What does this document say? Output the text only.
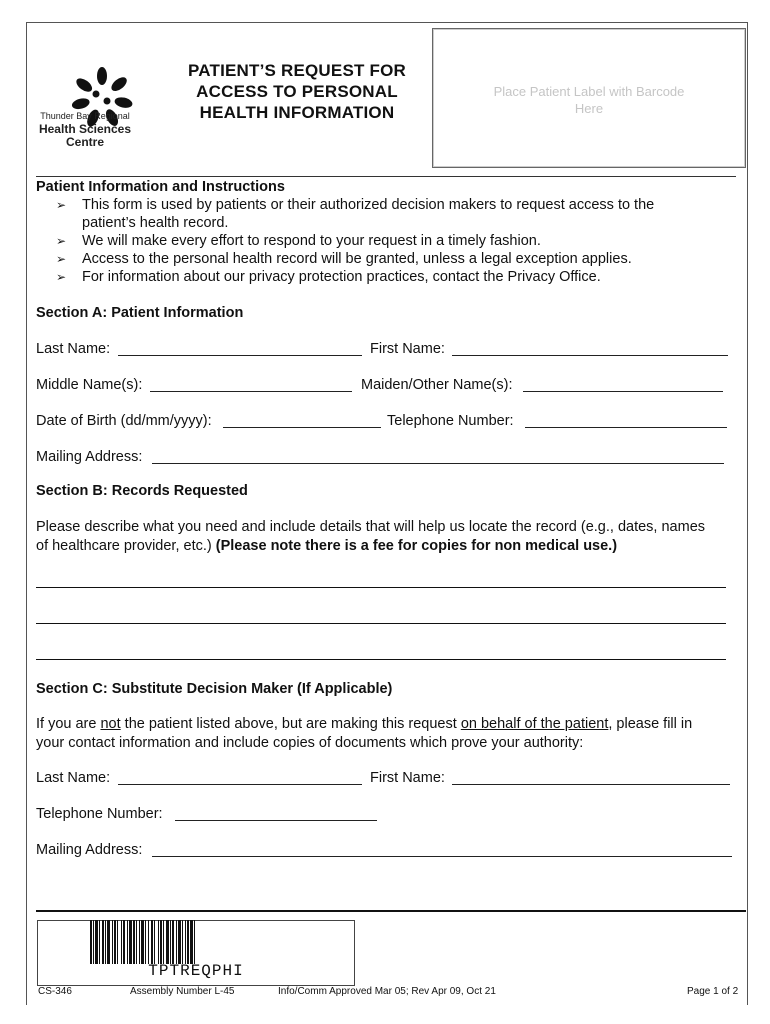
Thunder Bay Regional
Health Sciences
Centre
PATIENT’S REQUEST FOR
ACCESS TO PERSONAL
HEALTH INFORMATION
Place Patient Label with Barcode Here
Patient Information and Instructions
➢ This form is used by patients or their authorized decision makers to request access to the
patient’s health record.
➢ We will make every effort to respond to your request in a timely fashion.
➢ Access to the personal health record will be granted, unless a legal exception applies.
➢ For information about our privacy protection practices, contact the Privacy Office.
Section A: Patient Information
Last Name:	First Name:
Middle Name(s):	Maiden/Other Name(s):
Date of Birth (dd/mm/yyyy):	Telephone Number:
Mailing Address:
Section B: Records Requested
Please describe what you need and include details that will help us locate the record (e.g., dates, names
of healthcare provider, etc.) (Please note there is a fee for copies for non medical use.)
Section C: Substitute Decision Maker (If Applicable)
If you are not the patient listed above, but are making this request on behalf of the patient, please fill in
your contact information and include copies of documents which prove your authority:
Last Name:	First Name:
Telephone Number:
Mailing Address:
TPTREQPHI
CS-346	Assembly Number L-45	Info/Comm Approved Mar 05; Rev Apr 09, Oct 21	Page 1 of 2
